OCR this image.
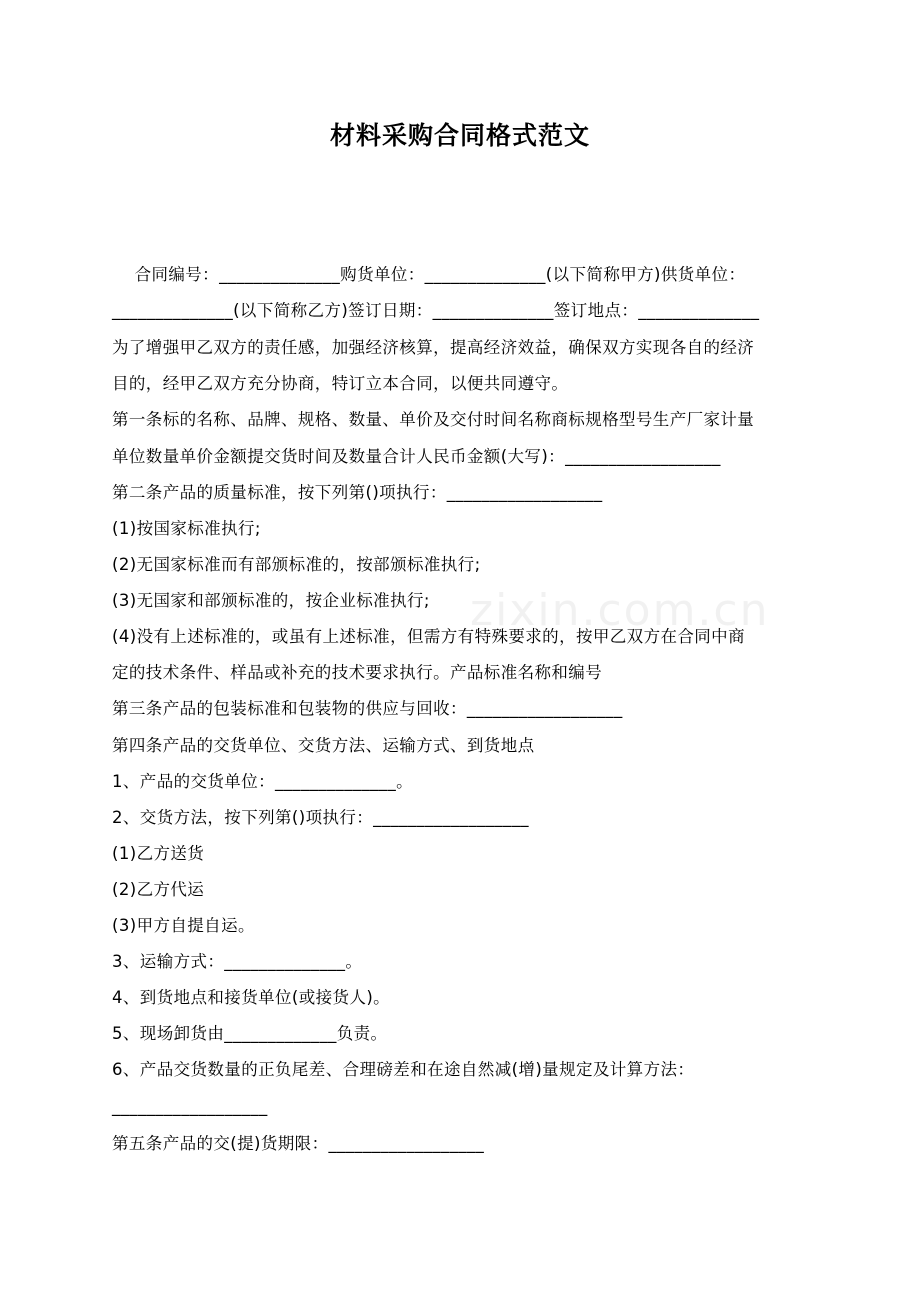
材料采购合同格式范文
zixin.com.cn
合同编号：______________购货单位：______________(以下简称甲方)供货单位：
______________(以下简称乙方)签订日期：______________签订地点：______________
为了增强甲乙双方的责任感，加强经济核算，提高经济效益，确保双方实现各自的经济
目的，经甲乙双方充分协商，特订立本合同，以便共同遵守。
第一条标的名称、品牌、规格、数量、单价及交付时间名称商标规格型号生产厂家计量
单位数量单价金额提交货时间及数量合计人民币金额(大写)：__________________
第二条产品的质量标准，按下列第()项执行：__________________
(1)按国家标准执行;
(2)无国家标准而有部颁标准的，按部颁标准执行;
(3)无国家和部颁标准的，按企业标准执行;
(4)没有上述标准的，或虽有上述标准，但需方有特殊要求的，按甲乙双方在合同中商
定的技术条件、样品或补充的技术要求执行。产品标准名称和编号
第三条产品的包装标准和包装物的供应与回收：__________________
第四条产品的交货单位、交货方法、运输方式、到货地点
1、产品的交货单位：______________。
2、交货方法，按下列第()项执行：__________________
(1)乙方送货
(2)乙方代运
(3)甲方自提自运。
3、运输方式：______________。
4、到货地点和接货单位(或接货人)。
5、现场卸货由_____________负责。
6、产品交货数量的正负尾差、合理磅差和在途自然减(增)量规定及计算方法：
__________________
第五条产品的交(提)货期限：__________________
